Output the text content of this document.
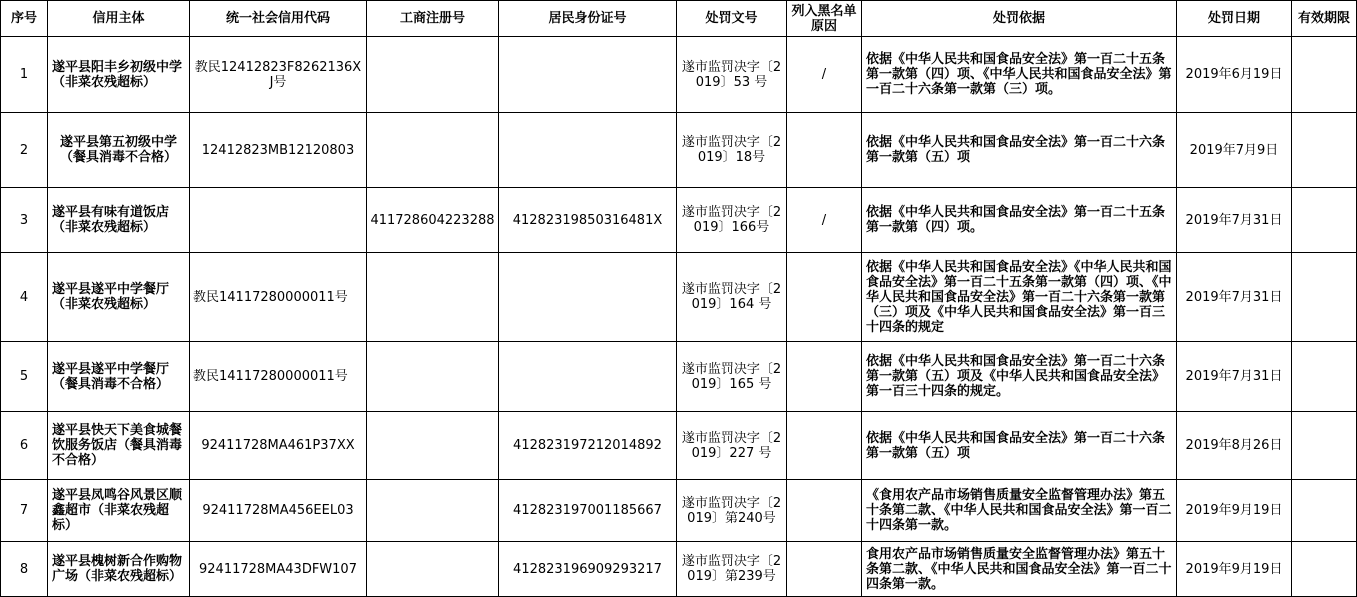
序号	信用主体	统一社会信用代码	工商注册号	居民身份证号	处罚文号	列入黑名单原因	处罚依据	处罚日期	有效期限
1	遂平县阳丰乡初级中学（非菜农残超标）	教民12412823F8262136XJ号			遂市监罚决字〔2019〕53 号	/	依据《中华人民共和国食品安全法》第一百二十五条第一款第（四）项、《中华人民共和国食品安全法》第一百二十六条第一款第（三）项。	2019年6月19日	
2	遂平县第五初级中学（餐具消毒不合格）	12412823MB12120803			遂市监罚决字〔2019〕18号		依据《中华人民共和国食品安全法》第一百二十六条第一款第（五）项	2019年7月9日	
3	遂平县有味有道饭店（非菜农残超标）		411728604223288	41282319850316481X	遂市监罚决字〔2019〕166号	/	依据《中华人民共和国食品安全法》第一百二十五条第一款第（四）项。	2019年7月31日	
4	遂平县遂平中学餐厅（非菜农残超标）	教民14117280000011号			遂市监罚决字〔2019〕164 号		依据《中华人民共和国食品安全法》《中华人民共和国食品安全法》第一百二十五条第一款第（四）项、《中华人民共和国食品安全法》第一百二十六条第一款第（三）项及《中华人民共和国食品安全法》第一百三十四条的规定	2019年7月31日	
5	遂平县遂平中学餐厅（餐具消毒不合格）	教民14117280000011号			遂市监罚决字〔2019〕165 号		依据《中华人民共和国食品安全法》第一百二十六条第一款第（五）项及《中华人民共和国食品安全法》第一百三十四条的规定。	2019年7月31日	
6	遂平县快天下美食城餐饮服务饭店（餐具消毒不合格）	92411728MA461P37XX		412823197212014892	遂市监罚决字〔2019〕227 号		依据《中华人民共和国食品安全法》第一百二十六条第一款第（五）项	2019年8月26日	
7	遂平县凤鸣谷风景区顺鑫超市（非菜农残超标）	92411728MA456EEL03		412823197001185667	遂市监罚决字〔2019〕第240号		《食用农产品市场销售质量安全监督管理办法》第五十条第二款、《中华人民共和国食品安全法》第一百二十四条第一款。	2019年9月19日	
8	遂平县槐树新合作购物广场（非菜农残超标）	92411728MA43DFW107		412823196909293217	遂市监罚决字〔2019〕第239号		食用农产品市场销售质量安全监督管理办法》第五十条第二款、《中华人民共和国食品安全法》第一百二十四条第一款。	2019年9月19日	
